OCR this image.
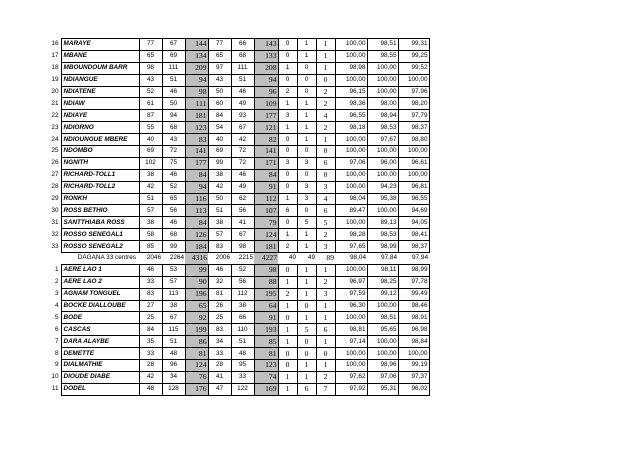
16	MARAYE	77	67	144	77	66	143	0	1	1	100,00	98,51	99,31
17	MBANE	65	69	134	65	68	133	0	1	1	100,00	98,55	99,25
18	MBOUNDOUM BARR	98	111	209	97	111	208	1	0	1	98,98	100,00	99,52
19	NDIANGUE	43	51	94	43	51	94	0	0	0	100,00	100,00	100,00
20	NDIATENE	52	46	98	50	46	96	2	0	2	96,15	100,00	97,96
21	NDIAW	61	50	111	60	49	109	1	1	2	98,36	98,00	98,20
22	NDIAYE	87	94	181	84	93	177	3	1	4	96,55	98,94	97,79
23	NDIORNO	55	68	123	54	67	121	1	1	2	98,18	98,53	98,37
24	NDIOUNGUE MBERE	40	43	83	40	42	82	0	1	1	100,00	97,67	98,80
25	NDOMBO	69	72	141	69	72	141	0	0	0	100,00	100,00	100,00
26	NGNITH	102	75	177	99	72	171	3	3	6	97,06	96,00	96,61
27	RICHARD-TOLL1	38	46	84	38	46	84	0	0	0	100,00	100,00	100,00
28	RICHARD-TOLL2	42	52	94	42	49	91	0	3	3	100,00	94,23	96,81
29	RONKH	51	65	116	50	62	112	1	3	4	98,04	95,38	96,55
30	ROSS BETHIO	57	56	113	51	56	107	6	0	6	89,47	100,00	94,69
31	SANTTHIABA ROSS	38	46	84	38	41	79	0	5	5	100,00	89,13	94,05
32	ROSSO SENEGAL1	58	68	126	57	67	124	1	1	2	98,28	98,53	98,41
33	ROSSO SENEGAL2	85	99	184	83	98	181	2	1	3	97,65	98,99	98,37
DAGANA 33 centres		2046	2264	4316	2006	2215	4227	40	49	89	98,04	97,84	97,94
1	AERE LAO 1	46	53	99	46	52	98	0	1	1	100,00	98,11	98,99
2	AERE LAO 2	33	57	90	32	56	88	1	1	2	96,97	98,25	97,78
3	AGNAM TONGUEL	83	113	196	81	112	195	2	1	3	97,59	99,12	99,49
4	BOCKE DIALLOUBE	27	38	65	26	38	64	1	0	1	96,30	100,00	98,46
5	BODE	25	67	92	25	66	91	0	1	1	100,00	98,51	98,91
6	CASCAS	84	115	199	83	110	193	1	5	6	98,81	95,65	96,98
7	DARA ALAYBE	35	51	86	34	51	85	1	0	1	97,14	100,00	98,84
8	DEMETTE	33	48	81	33	48	81	0	0	0	100,00	100,00	100,00
9	DIALMATHIE	28	96	124	28	95	123	0	1	1	100,00	98,96	99,19
10	DIOUDE DIABE	42	34	76	41	33	74	1	1	2	97,62	97,06	97,37
11	DODEL	48	128	176	47	122	169	1	6	7	97,92	95,31	96,02
